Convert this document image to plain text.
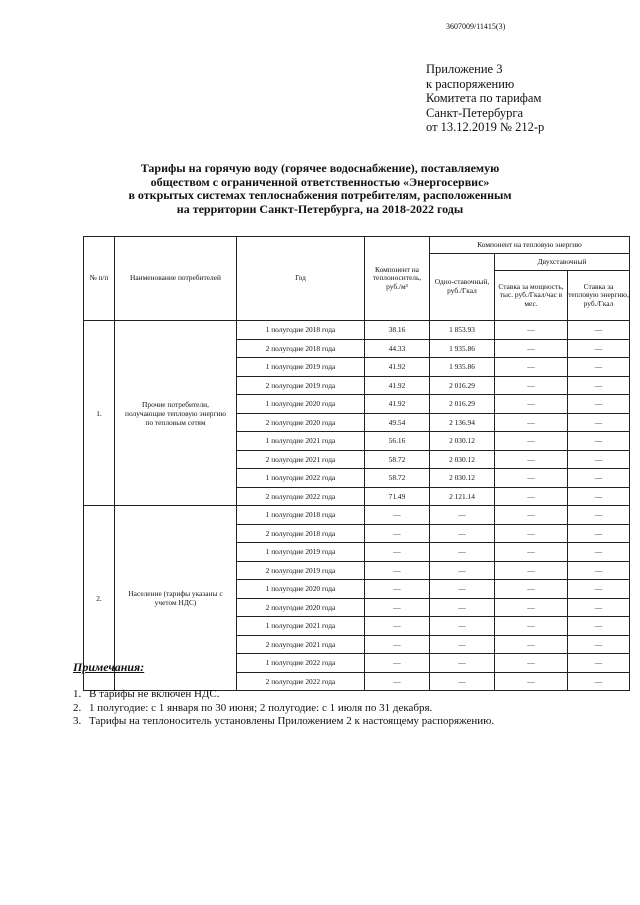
3607009/11415(3)
Приложение 3
к распоряжению
Комитета по тарифам
Санкт-Петербурга
от 13.12.2019 № 212-р
Тарифы на горячую воду (горячее водоснабжение), поставляемую
обществом с ограниченной ответственностью «Энергосервис»
в открытых системах теплоснабжения потребителям, расположенным
на территории Санкт-Петербурга, на 2018-2022 годы
№ п/п	Наименование потребителей	Год	Компонент на теплоноситель, руб./м³	Компонент на тепловую энергию		
				Одно-ставочный, руб./Гкал	Двухставочный	
					Ставка за мощность, тыс. руб./Гкал/час в мес.	Ставка за тепловую энергию, руб./Гкал
1.	Прочие потребители, получающие тепловую энергию по тепловым сетям	1 полугодие 2018 года	38.16	1 853.93	—	—
		2 полугодие 2018 года	44.33	1 935.86	—	—
		1 полугодие 2019 года	41.92	1 935.86	—	—
		2 полугодие 2019 года	41.92	2 016.29	—	—
		1 полугодие 2020 года	41.92	2 016.29	—	—
		2 полугодие 2020 года	49.54	2 136.94	—	—
		1 полугодие 2021 года	56.16	2 030.12	—	—
		2 полугодие 2021 года	58.72	2 030.12	—	—
		1 полугодие 2022 года	58.72	2 030.12	—	—
		2 полугодие 2022 года	71.49	2 121.14	—	—
2.	Население (тарифы указаны с учетом НДС)	1 полугодие 2018 года	—	—	—	—
		2 полугодие 2018 года	—	—	—	—
		1 полугодие 2019 года	—	—	—	—
		2 полугодие 2019 года	—	—	—	—
		1 полугодие 2020 года	—	—	—	—
		2 полугодие 2020 года	—	—	—	—
		1 полугодие 2021 года	—	—	—	—
		2 полугодие 2021 года	—	—	—	—
		1 полугодие 2022 года	—	—	—	—
		2 полугодие 2022 года	—	—	—	—
Примечания:
1. В тарифы не включен НДС.
2. 1 полугодие: с 1 января по 30 июня; 2 полугодие: с 1 июля по 31 декабря.
3. Тарифы на теплоноситель установлены Приложением 2 к настоящему распоряжению.
